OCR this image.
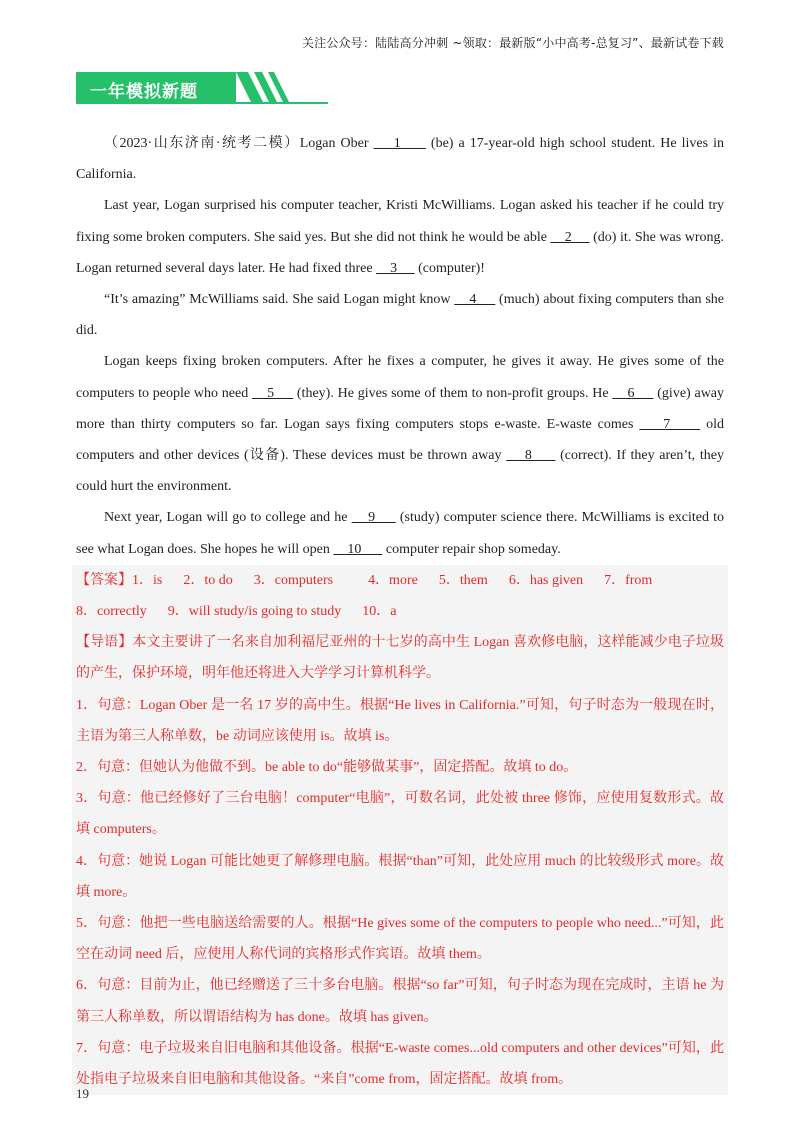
关注公众号：陆陆高分冲刺 ~领取：最新版“小中高考-总复习”、最新试卷下载
一年模拟新题

（2023·山东济南·统考二模）Logan Ober     1      (be) a 17-year-old high school student. He lives in California.

Last year, Logan surprised his computer teacher, Kristi McWilliams. Logan asked his teacher if he could try fixing some broken computers. She said yes. But she did not think he would be able     2      (do) it. She was wrong. Logan returned several days later. He had fixed three     3      (computer)!

“It’s amazing” McWilliams said. She said Logan might know     4      (much) about fixing computers than she did.

Logan keeps fixing broken computers. After he fixes a computer, he gives it away. He gives some of the computers to people who need     5      (they). He gives some of them to non-profit groups. He     6      (give) away more than thirty computers so far. Logan says fixing computers stops e-waste. E-waste comes     7      old computers and other devices (设备). These devices must be thrown away     8      (correct). If they aren’t, they could hurt the environment.

Next year, Logan will go to college and he     9      (study) computer science there. McWilliams is excited to see what Logan does. She hopes he will open     10       computer repair shop someday.

【答案】1．is   2．to do   3．computers   	4．more   5．them   6．has given   7．from
8．correctly   9．will study/is going to study   10．a

【导语】本文主要讲了一名来自加利福尼亚州的十七岁的高中生 Logan 喜欢修电脑，这样能减少电子垃圾的产生，保护环境，明年他还将进入大学学习计算机科学。

1．句意：Logan Ober 是一名 17 岁的高中生。根据“He lives in California.”可知，句子时态为一般现在时，主语为第三人称单数，be 动词应该使用 is。故填 is。

2．句意：但她认为他做不到。be able to do“能够做某事”，固定搭配。故填 to do。

3．句意：他已经修好了三台电脑！computer“电脑”，可数名词，此处被 three 修饰，应使用复数形式。故填 computers。

4．句意：她说 Logan 可能比她更了解修理电脑。根据“than”可知，此处应用 much 的比较级形式 more。故填 more。

5．句意：他把一些电脑送给需要的人。根据“He gives some of the computers to people who need...”可知，此空在动词 need 后，应使用人称代词的宾格形式作宾语。故填 them。

6．句意：目前为止，他已经赠送了三十多台电脑。根据“so far”可知，句子时态为现在完成时，主语 he 为第三人称单数，所以谓语结构为 has done。故填 has given。

7．句意：电子垃圾来自旧电脑和其他设备。根据“E-waste comes...old computers and other devices”可知，此处指电子垃圾来自旧电脑和其他设备。“来自”come from，固定搭配。故填 from。

19
